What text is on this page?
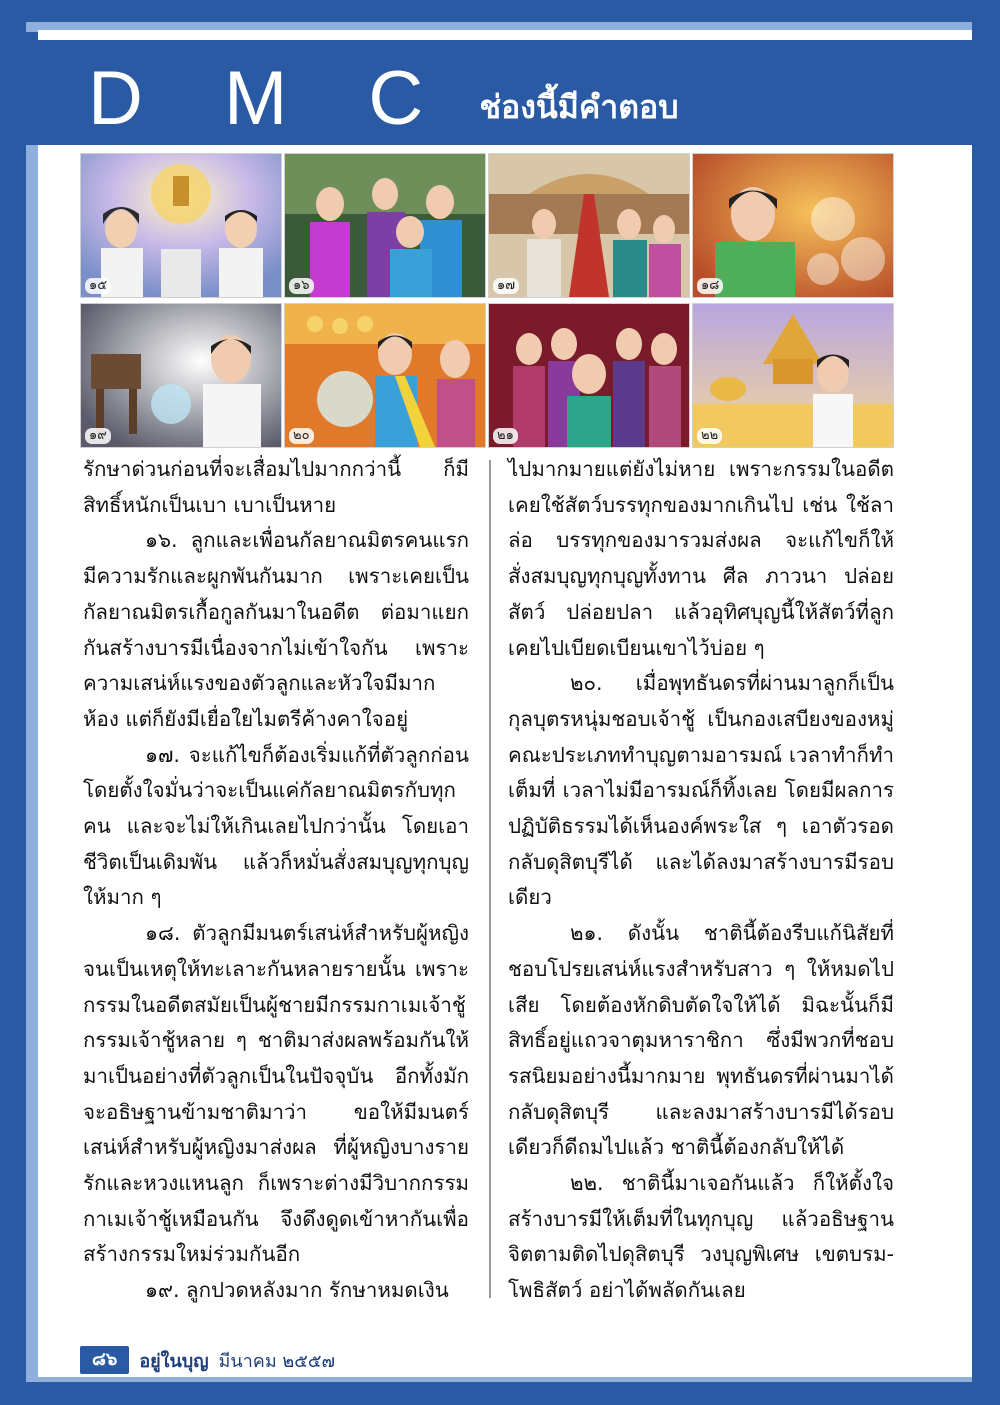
D M C ช่องนี้มีคำตอบ
๑๕	๑๖	๑๗	๑๘
๑๙	๒๐	๒๑	๒๒

รักษาด่วนก่อนที่จะเสื่อมไปมากกว่านี้ ก็มีสิทธิ์หนักเป็นเบา เบาเป็นหาย

๑๖. ลูกและเพื่อนกัลยาณมิตรคนแรกมีความรักและผูกพันกันมาก เพราะเคยเป็นกัลยาณมิตรเกื้อกูลกันมาในอดีต ต่อมาแยกกันสร้างบารมีเนื่องจากไม่เข้าใจกัน เพราะความเสน่ห์แรงของตัวลูกและหัวใจมีมากห้อง แต่ก็ยังมีเยื่อใยไมตรีค้างคาใจอยู่

๑๗. จะแก้ไขก็ต้องเริ่มแก้ที่ตัวลูกก่อนโดยตั้งใจมั่นว่าจะเป็นแค่กัลยาณมิตรกับทุกคน และจะไม่ให้เกินเลยไปกว่านั้น โดยเอาชีวิตเป็นเดิมพัน แล้วก็หมั่นสั่งสมบุญทุกบุญให้มาก ๆ

๑๘. ตัวลูกมีมนตร์เสน่ห์สำหรับผู้หญิงจนเป็นเหตุให้ทะเลาะกันหลายรายนั้น เพราะกรรมในอดีตสมัยเป็นผู้ชายมีกรรมกาเมเจ้าชู้ กรรมเจ้าชู้หลาย ๆ ชาติมาส่งผลพร้อมกันให้มาเป็นอย่างที่ตัวลูกเป็นในปัจจุบัน อีกทั้งมักจะอธิษฐานข้ามชาติมาว่า ขอให้มีมนตร์เสน่ห์สำหรับผู้หญิงมาส่งผล ที่ผู้หญิงบางรายรักและหวงแหนลูก ก็เพราะต่างมีวิบากกรรมกาเมเจ้าชู้เหมือนกัน จึงดึงดูดเข้าหากันเพื่อสร้างกรรมใหม่ร่วมกันอีก

๑๙. ลูกปวดหลังมาก รักษาหมดเงิน

ไปมากมายแต่ยังไม่หาย เพราะกรรมในอดีตเคยใช้สัตว์บรรทุกของมากเกินไป เช่น ใช้ลา ล่อ บรรทุกของมารวมส่งผล จะแก้ไขก็ให้สั่งสมบุญทุกบุญทั้งทาน ศีล ภาวนา ปล่อยสัตว์ ปล่อยปลา แล้วอุทิศบุญนี้ให้สัตว์ที่ลูกเคยไปเบียดเบียนเขาไว้บ่อย ๆ

๒๐. เมื่อพุทธันดรที่ผ่านมาลูกก็เป็นกุลบุตรหนุ่มชอบเจ้าชู้ เป็นกองเสบียงของหมู่คณะประเภททำบุญตามอารมณ์ เวลาทำก็ทำเต็มที่ เวลาไม่มีอารมณ์ก็ทิ้งเลย โดยมีผลการปฏิบัติธรรมได้เห็นองค์พระใส ๆ เอาตัวรอดกลับดุสิตบุรีได้ และได้ลงมาสร้างบารมีรอบเดียว

๒๑. ดังนั้น ชาตินี้ต้องรีบแก้นิสัยที่ชอบโปรยเสน่ห์แรงสำหรับสาว ๆ ให้หมดไปเสีย โดยต้องหักดิบตัดใจให้ได้ มิฉะนั้นก็มีสิทธิ์อยู่แถวจาตุมหาราชิกา ซึ่งมีพวกที่ชอบรสนิยมอย่างนี้มากมาย พุทธันดรที่ผ่านมาได้กลับดุสิตบุรี และลงมาสร้างบารมีได้รอบเดียวก็ดีถมไปแล้ว ชาตินี้ต้องกลับให้ได้

๒๒. ชาตินี้มาเจอกันแล้ว ก็ให้ตั้งใจสร้างบารมีให้เต็มที่ในทุกบุญ แล้วอธิษฐานจิตตามติดไปดุสิตบุรี วงบุญพิเศษ เขตบรม-โพธิสัตว์ อย่าได้พลัดกันเลย

๘๖	อยู่ในบุญ มีนาคม ๒๕๕๗
